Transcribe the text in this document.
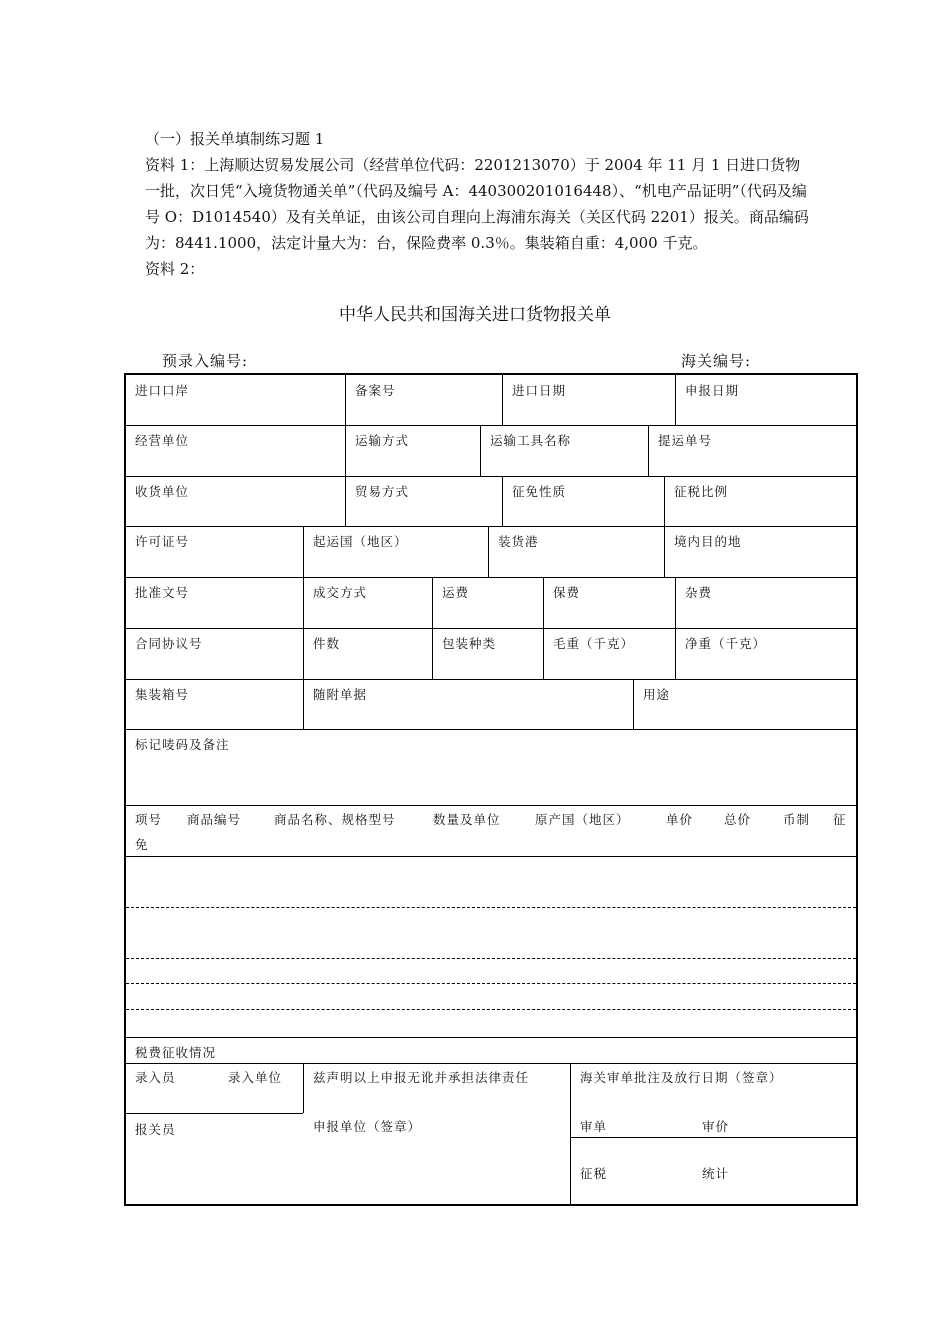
（一）报关单填制练习题 1

资料 1：上海顺达贸易发展公司（经营单位代码：2201213070）于 2004 年 11 月 1 日进口货物一批，次日凭“入境货物通关单”（代码及编号 A：440300201016448）、“机电产品证明”（代码及编号 O：D1014540）及有关单证，由该公司自理向上海浦东海关（关区代码 2201）报关。商品编码为：8441.1000，法定计量大为：台，保险费率 0.3％。集装箱自重：4,000 千克。

资料 2：

中华人民共和国海关进口货物报关单
预录入编号:	海关编号:
进口口岸	备案号	进口日期	申报日期
经营单位	运输方式	运输工具名称	提运单号
收货单位	贸易方式	征免性质	征税比例
许可证号	起运国（地区）	装货港	境内目的地
批准文号	成交方式	运费	保费	杂费
合同协议号	件数	包装种类	毛重（千克）	净重（千克）
集装箱号	随附单据	用途
标记唛码及备注
项号 商品编号	商品名称、规格型号	数量及单位	原产国（地区）	单价 总价	币制 征
免
税费征收情况
录入员	录入单位 兹声明以上申报无讹并承担法律责任	海关审单批注及放行日期（签章）
报关员	申报单位（签章）	审单	审价
征税	统计
